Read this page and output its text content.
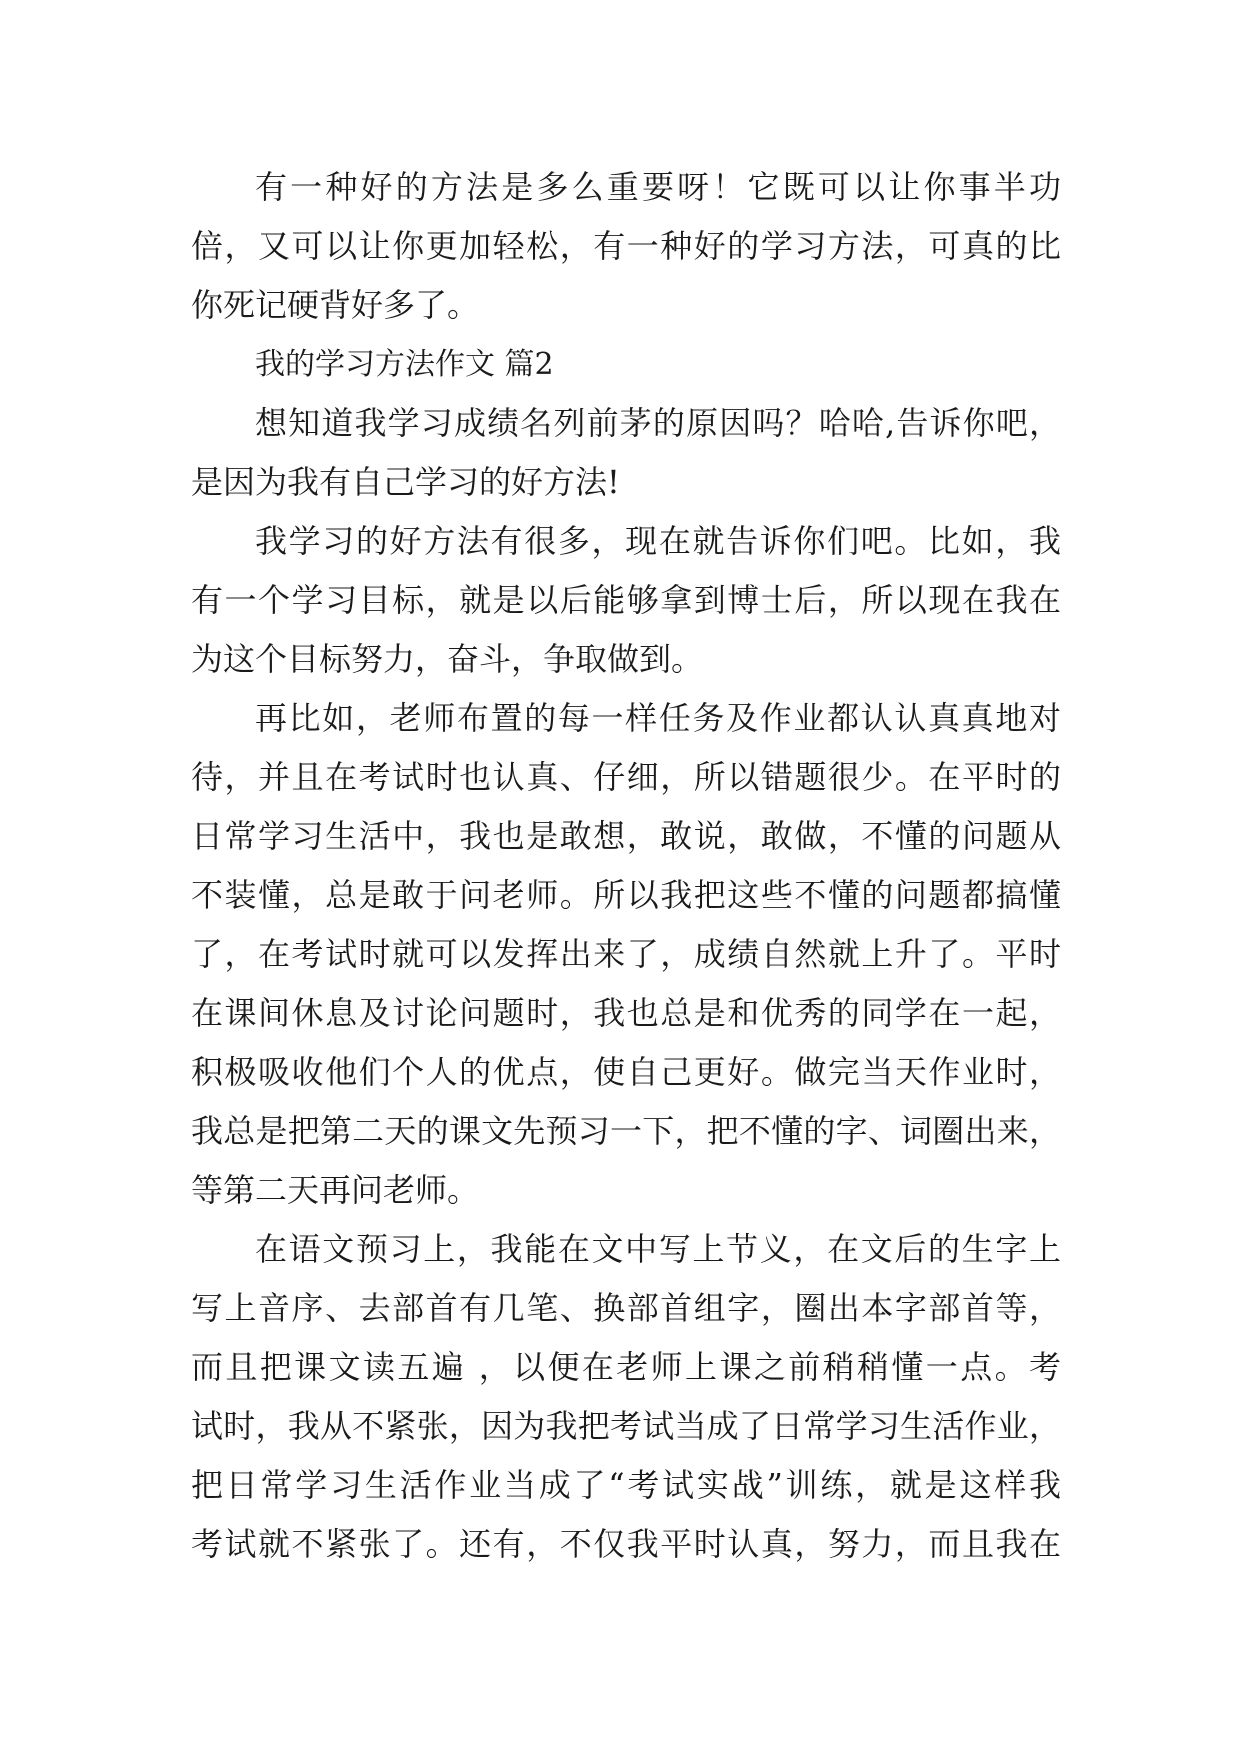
有一种好的方法是多么重要呀！它既可以让你事半功
倍，又可以让你更加轻松，有一种好的学习方法，可真的比
你死记硬背好多了。
我的学习方法作文 篇2
想知道我学习成绩名列前茅的原因吗？哈哈,告诉你吧，
是因为我有自己学习的好方法!
我学习的好方法有很多，现在就告诉你们吧。比如，我
有一个学习目标，就是以后能够拿到博士后，所以现在我在
为这个目标努力，奋斗，争取做到。
再比如，老师布置的每一样任务及作业都认认真真地对
待，并且在考试时也认真、仔细，所以错题很少。在平时的
日常学习生活中，我也是敢想，敢说，敢做，不懂的问题从
不装懂，总是敢于问老师。所以我把这些不懂的问题都搞懂
了，在考试时就可以发挥出来了，成绩自然就上升了。平时
在课间休息及讨论问题时，我也总是和优秀的同学在一起，
积极吸收他们个人的优点，使自己更好。做完当天作业时，
我总是把第二天的课文先预习一下，把不懂的字、词圈出来，
等第二天再问老师。
在语文预习上，我能在文中写上节义，在文后的生字上
写上音序、去部首有几笔、换部首组字，圈出本字部首等，
而且把课文读五遍 ，以便在老师上课之前稍稍懂一点。考
试时，我从不紧张，因为我把考试当成了日常学习生活作业，
把日常学习生活作业当成了“考试实战”训练，就是这样我
考试就不紧张了。还有，不仅我平时认真，努力，而且我在
